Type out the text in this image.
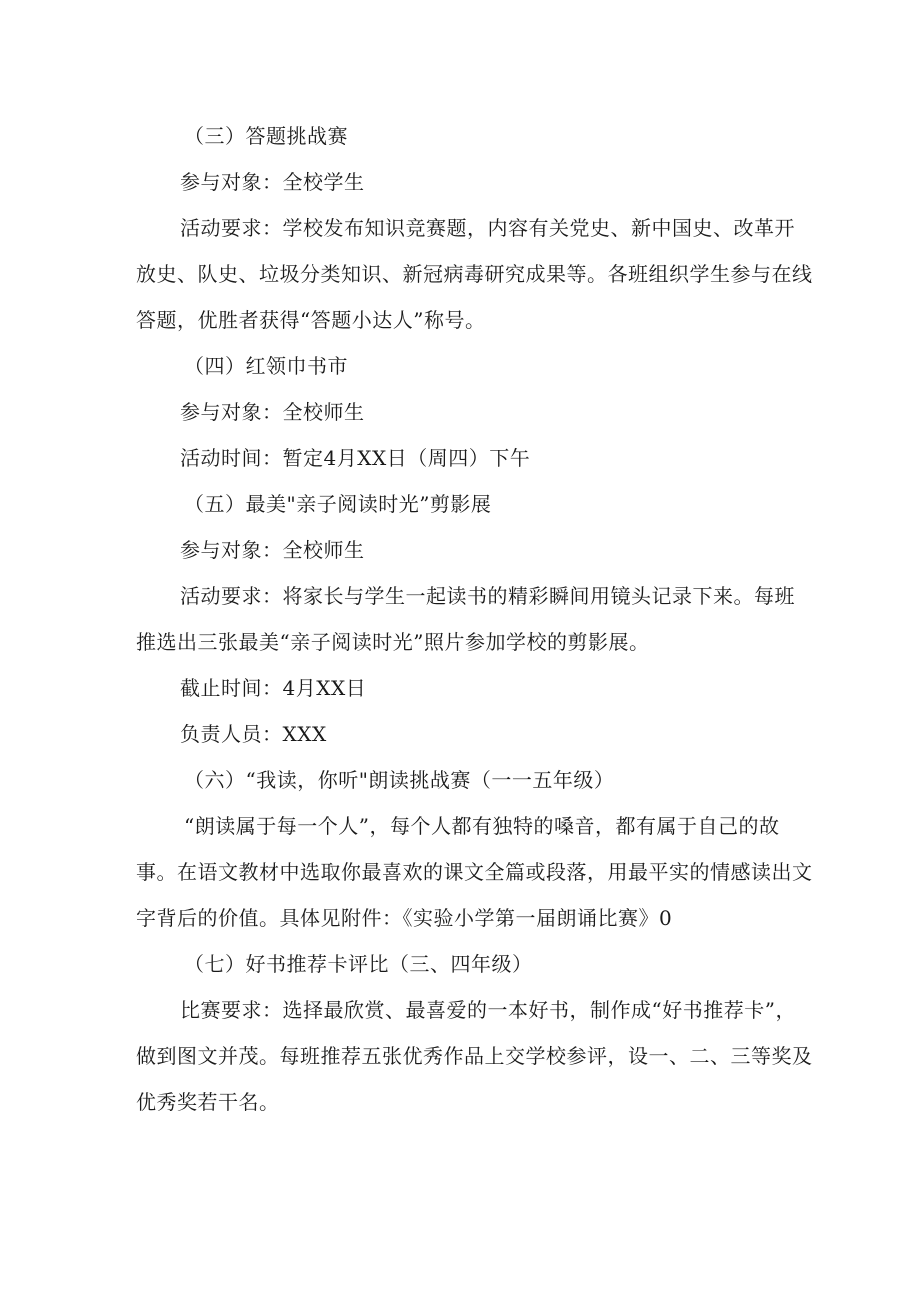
（三）答题挑战赛
参与对象：全校学生
活动要求：学校发布知识竞赛题，内容有关党史、新中国史、改革开
放史、队史、垃圾分类知识、新冠病毒研究成果等。各班组织学生参与在线
答题，优胜者获得“答题小达人”称号。
（四）红领巾书市
参与对象：全校师生
活动时间：暂定4月XX日（周四）下午
（五）最美"亲子阅读时光”剪影展
参与对象：全校师生
活动要求：将家长与学生一起读书的精彩瞬间用镜头记录下来。每班
推选出三张最美“亲子阅读时光”照片参加学校的剪影展。
截止时间：4月XX日
负责人员：XXX
（六）“我读，你听"朗读挑战赛（一一五年级）
“朗读属于每一个人”，每个人都有独特的嗓音，都有属于自己的故
事。在语文教材中选取你最喜欢的课文全篇或段落，用最平实的情感读出文
字背后的价值。具体见附件：《实验小学第一届朗诵比赛》0
（七）好书推荐卡评比（三、四年级）
比赛要求：选择最欣赏、最喜爱的一本好书，制作成“好书推荐卡”，
做到图文并茂。每班推荐五张优秀作品上交学校参评，设一、二、三等奖及
优秀奖若干名。
